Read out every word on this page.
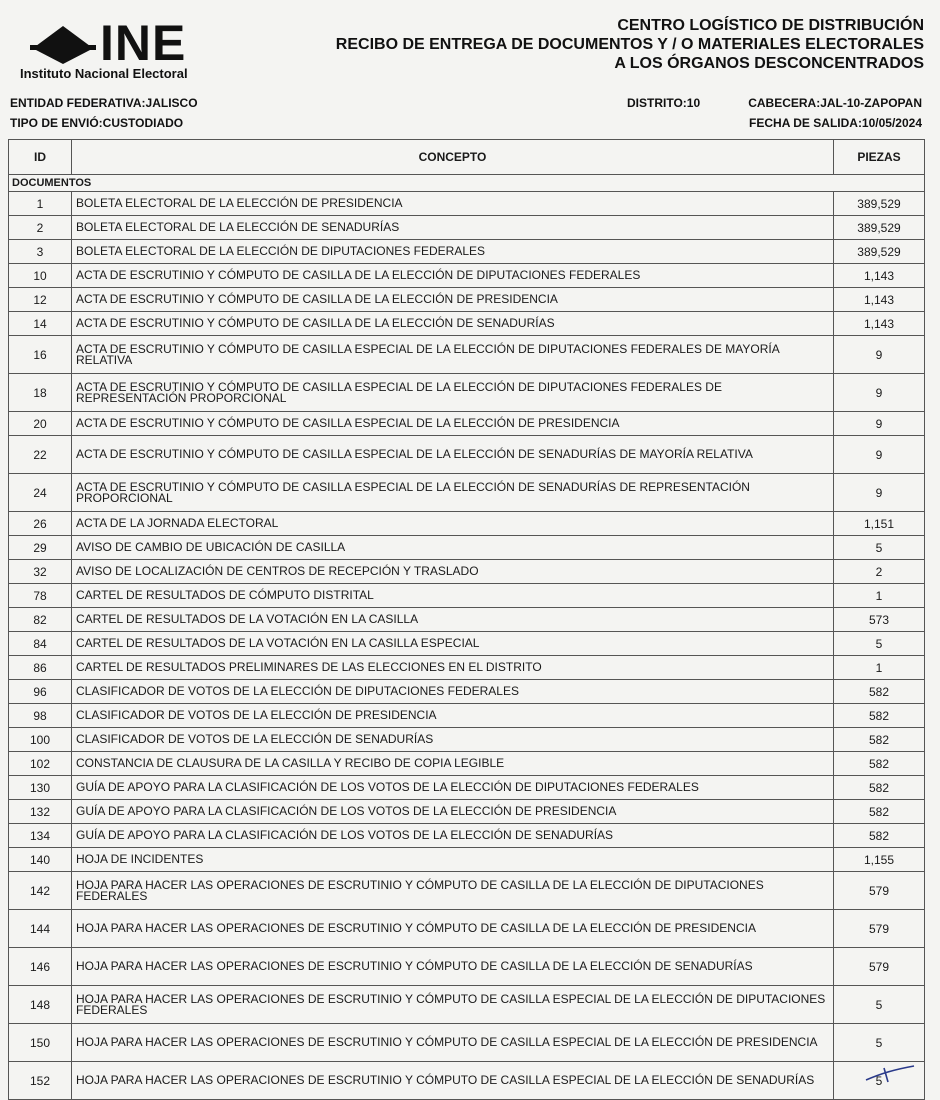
INE
Instituto Nacional Electoral
CENTRO LOGÍSTICO DE DISTRIBUCIÓN
RECIBO DE ENTREGA DE DOCUMENTOS Y / O MATERIALES ELECTORALES
A LOS ÓRGANOS DESCONCENTRADOS
ENTIDAD FEDERATIVA:JALISCO
TIPO DE ENVIÓ:CUSTODIADO
DISTRITO:10	CABECERA:JAL-10-ZAPOPAN
FECHA DE SALIDA:10/05/2024
ID	CONCEPTO	PIEZAS
DOCUMENTOS		
1	BOLETA ELECTORAL DE LA ELECCIÓN DE PRESIDENCIA	389,529
2	BOLETA ELECTORAL DE LA ELECCIÓN DE SENADURÍAS	389,529
3	BOLETA ELECTORAL DE LA ELECCIÓN DE DIPUTACIONES FEDERALES	389,529
10	ACTA DE ESCRUTINIO Y CÓMPUTO DE CASILLA DE LA ELECCIÓN DE DIPUTACIONES FEDERALES	1,143
12	ACTA DE ESCRUTINIO Y CÓMPUTO DE CASILLA DE LA ELECCIÓN DE PRESIDENCIA	1,143
14	ACTA DE ESCRUTINIO Y CÓMPUTO DE CASILLA DE LA ELECCIÓN DE SENADURÍAS	1,143
16	ACTA DE ESCRUTINIO Y CÓMPUTO DE CASILLA ESPECIAL DE LA ELECCIÓN DE DIPUTACIONES FEDERALES DE MAYORÍA RELATIVA	9
18	ACTA DE ESCRUTINIO Y CÓMPUTO DE CASILLA ESPECIAL DE LA ELECCIÓN DE DIPUTACIONES FEDERALES DE REPRESENTACIÓN PROPORCIONAL	9
20	ACTA DE ESCRUTINIO Y CÓMPUTO DE CASILLA ESPECIAL DE LA ELECCIÓN DE PRESIDENCIA	9
22	ACTA DE ESCRUTINIO Y CÓMPUTO DE CASILLA ESPECIAL DE LA ELECCIÓN DE SENADURÍAS DE MAYORÍA RELATIVA	9
24	ACTA DE ESCRUTINIO Y CÓMPUTO DE CASILLA ESPECIAL DE LA ELECCIÓN DE SENADURÍAS DE REPRESENTACIÓN PROPORCIONAL	9
26	ACTA DE LA JORNADA ELECTORAL	1,151
29	AVISO DE CAMBIO DE UBICACIÓN DE CASILLA	5
32	AVISO DE LOCALIZACIÓN DE CENTROS DE RECEPCIÓN Y TRASLADO	2
78	CARTEL DE RESULTADOS DE CÓMPUTO DISTRITAL	1
82	CARTEL DE RESULTADOS DE LA VOTACIÓN EN LA CASILLA	573
84	CARTEL DE RESULTADOS DE LA VOTACIÓN EN LA CASILLA ESPECIAL	5
86	CARTEL DE RESULTADOS PRELIMINARES DE LAS ELECCIONES EN EL DISTRITO	1
96	CLASIFICADOR DE VOTOS DE LA ELECCIÓN DE DIPUTACIONES FEDERALES	582
98	CLASIFICADOR DE VOTOS DE LA ELECCIÓN DE PRESIDENCIA	582
100	CLASIFICADOR DE VOTOS DE LA ELECCIÓN DE SENADURÍAS	582
102	CONSTANCIA DE CLAUSURA DE LA CASILLA Y RECIBO DE COPIA LEGIBLE	582
130	GUÍA DE APOYO PARA LA CLASIFICACIÓN DE LOS VOTOS DE LA ELECCIÓN DE DIPUTACIONES FEDERALES	582
132	GUÍA DE APOYO PARA LA CLASIFICACIÓN DE LOS VOTOS DE LA ELECCIÓN DE PRESIDENCIA	582
134	GUÍA DE APOYO PARA LA CLASIFICACIÓN DE LOS VOTOS DE LA ELECCIÓN DE SENADURÍAS	582
140	HOJA DE INCIDENTES	1,155
142	HOJA PARA HACER LAS OPERACIONES DE ESCRUTINIO Y CÓMPUTO DE CASILLA DE LA ELECCIÓN DE DIPUTACIONES FEDERALES	579
144	HOJA PARA HACER LAS OPERACIONES DE ESCRUTINIO Y CÓMPUTO DE CASILLA DE LA ELECCIÓN DE PRESIDENCIA	579
146	HOJA PARA HACER LAS OPERACIONES DE ESCRUTINIO Y CÓMPUTO DE CASILLA DE LA ELECCIÓN DE SENADURÍAS	579
148	HOJA PARA HACER LAS OPERACIONES DE ESCRUTINIO Y CÓMPUTO DE CASILLA ESPECIAL DE LA ELECCIÓN DE DIPUTACIONES FEDERALES	5
150	HOJA PARA HACER LAS OPERACIONES DE ESCRUTINIO Y CÓMPUTO DE CASILLA ESPECIAL DE LA ELECCIÓN DE PRESIDENCIA	5
152	HOJA PARA HACER LAS OPERACIONES DE ESCRUTINIO Y CÓMPUTO DE CASILLA ESPECIAL DE LA ELECCIÓN DE SENADURÍAS	5
